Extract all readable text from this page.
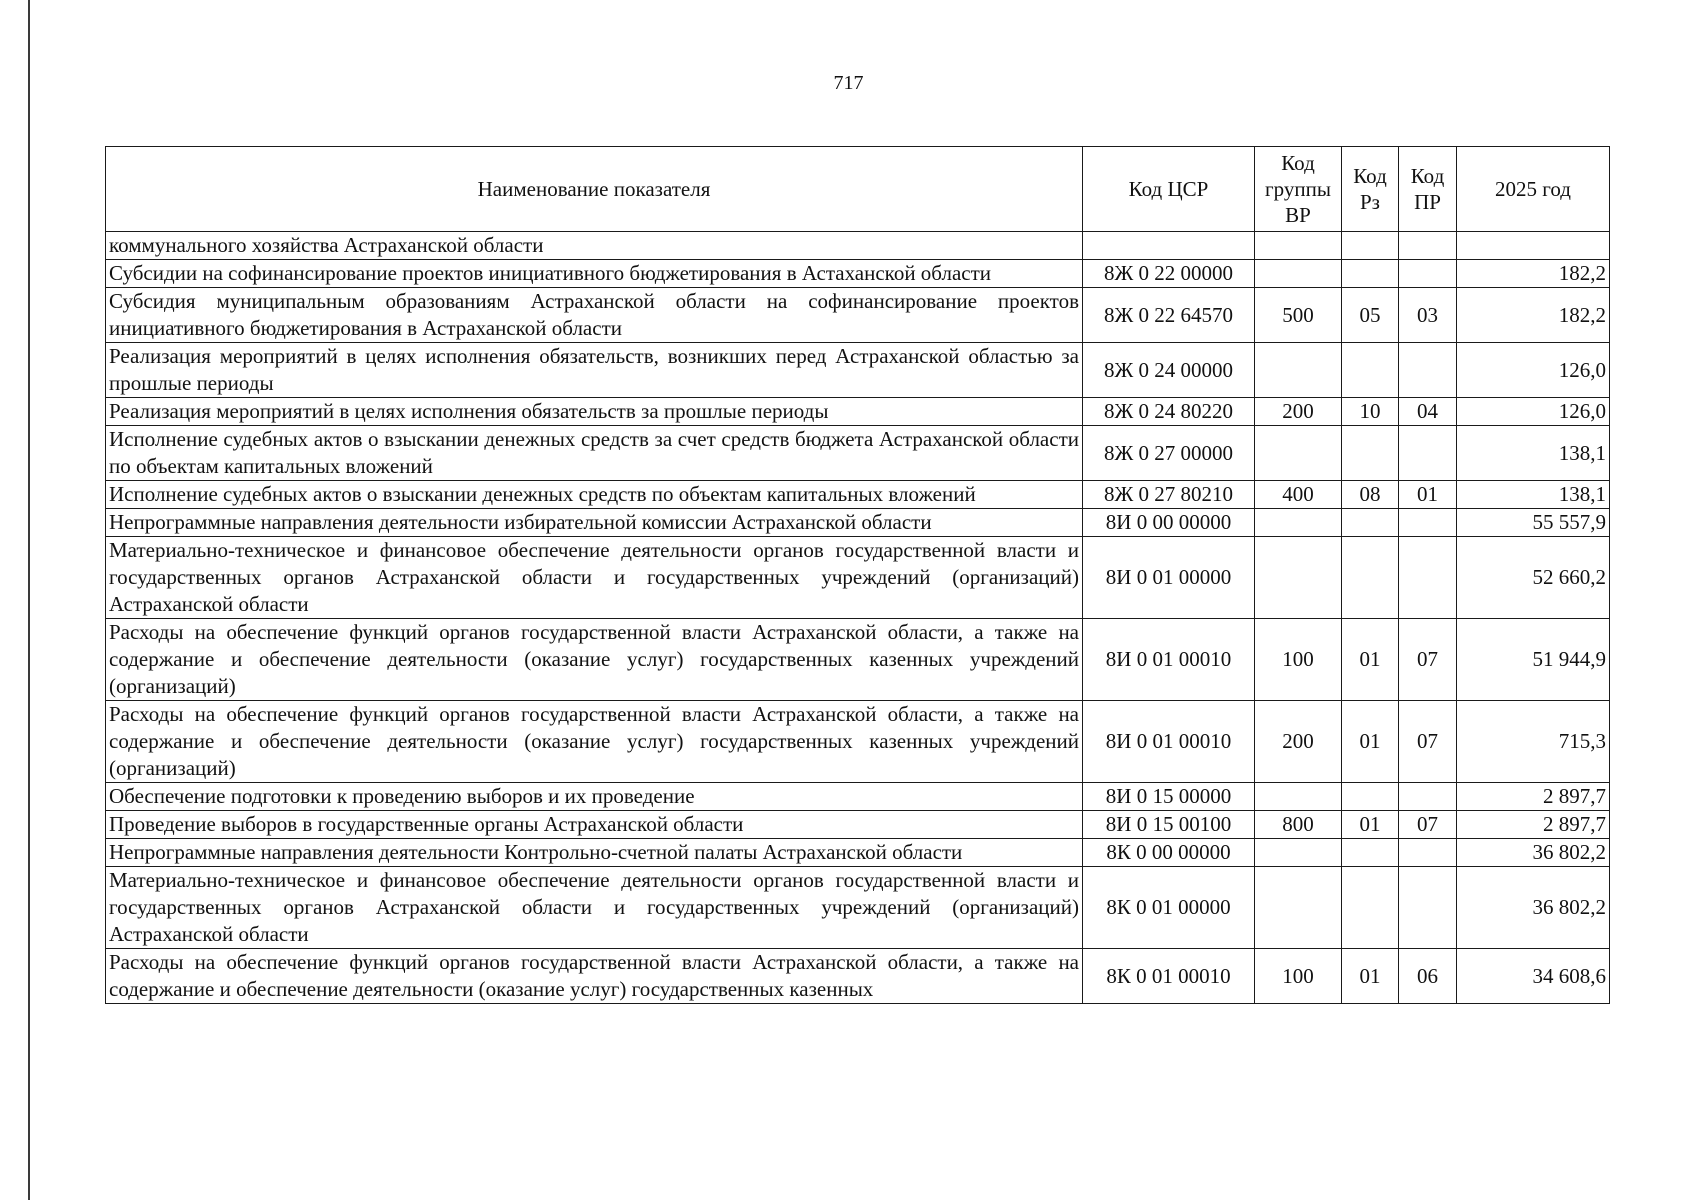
717
Наименование показателя	Код ЦСР	Код группы ВР	Код Рз	Код ПР	2025 год
коммунального хозяйства Астраханской области					
Субсидии на софинансирование проектов инициативного бюджетирования в Астаханской области	8Ж 0 22 00000				182,2
Субсидия муниципальным образованиям Астраханской области на софинансирование проектов инициативного бюджетирования в Астраханской области	8Ж 0 22 64570	500	05	03	182,2
Реализация мероприятий в целях исполнения обязательств, возникших перед Астраханской областью за прошлые периоды	8Ж 0 24 00000				126,0
Реализация мероприятий в целях исполнения обязательств за прошлые периоды	8Ж 0 24 80220	200	10	04	126,0
Исполнение судебных актов о взыскании денежных средств за счет средств бюджета Астраханской области по объектам капитальных вложений	8Ж 0 27 00000				138,1
Исполнение судебных актов о взыскании денежных средств по объектам капитальных вложений	8Ж 0 27 80210	400	08	01	138,1
Непрограммные направления деятельности избирательной комиссии Астраханской области	8И 0 00 00000				55 557,9
Материально-техническое и финансовое обеспечение деятельности органов государственной власти и государственных органов Астраханской области и государственных учреждений (организаций) Астраханской области	8И 0 01 00000				52 660,2
Расходы на обеспечение функций органов государственной власти Астраханской области, а также на содержание и обеспечение деятельности (оказание услуг) государственных казенных учреждений (организаций)	8И 0 01 00010	100	01	07	51 944,9
Расходы на обеспечение функций органов государственной власти Астраханской области, а также на содержание и обеспечение деятельности (оказание услуг) государственных казенных учреждений (организаций)	8И 0 01 00010	200	01	07	715,3
Обеспечение подготовки к проведению выборов и их проведение	8И 0 15 00000				2 897,7
Проведение выборов в государственные органы Астраханской области	8И 0 15 00100	800	01	07	2 897,7
Непрограммные направления деятельности Контрольно-счетной палаты Астраханской области	8К 0 00 00000				36 802,2
Материально-техническое и финансовое обеспечение деятельности органов государственной власти и государственных органов Астраханской области и государственных учреждений (организаций) Астраханской области	8К 0 01 00000				36 802,2
Расходы на обеспечение функций органов государственной власти Астраханской области, а также на содержание и обеспечение деятельности (оказание услуг) государственных казенных	8К 0 01 00010	100	01	06	34 608,6
